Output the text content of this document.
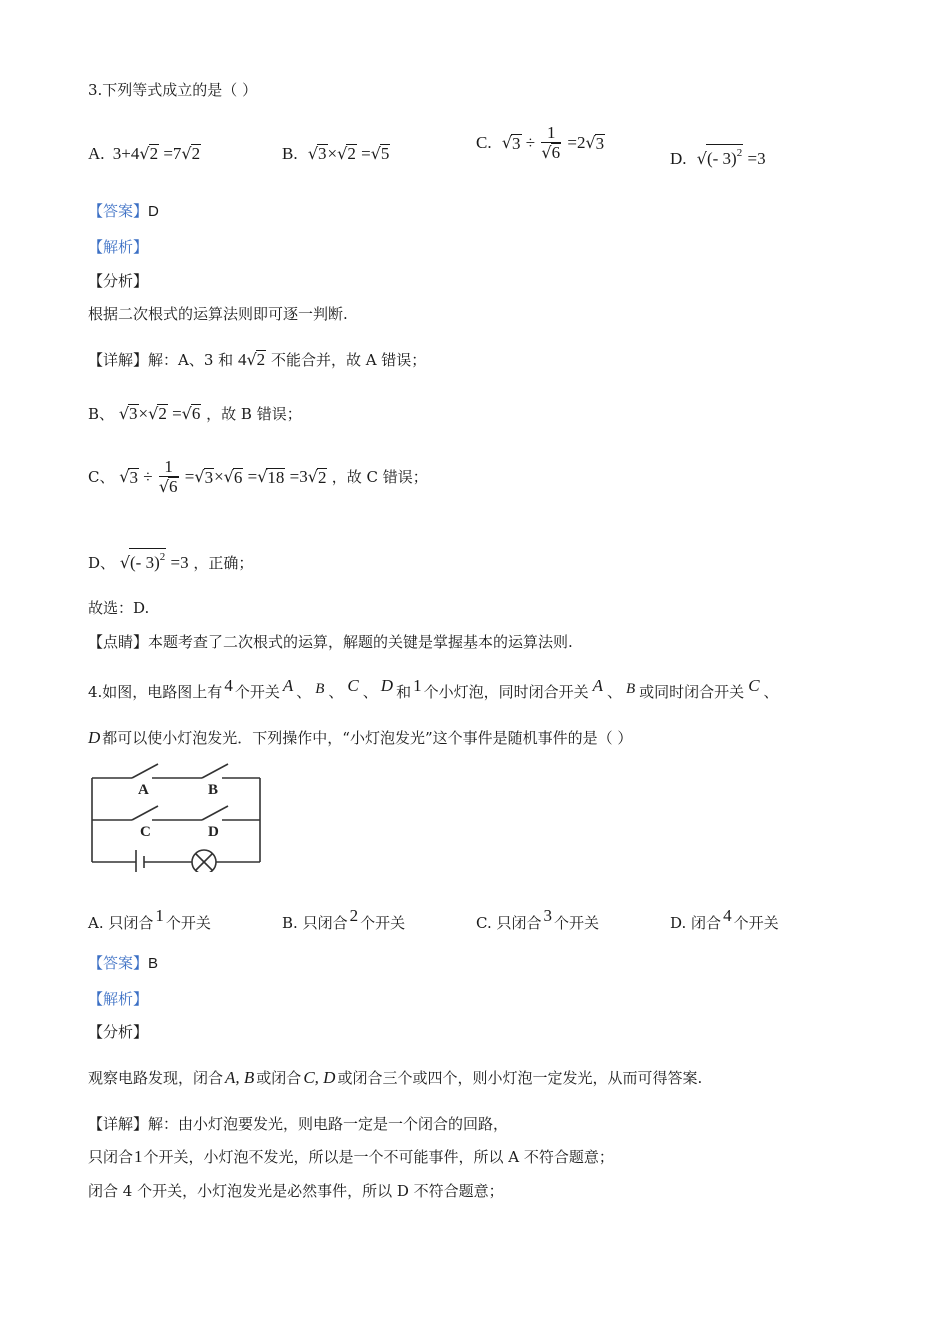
3.下列等式成立的是（ ）
A. 3+4√2 =7√2	B. √3×√2 =√5
C. $√3 \div \frac{1}{√6} =2√3$
D. √(- 3)$^2$ =3
【答案】D
【解析】
【分析】
根据二次根式的运算法则即可逐一判断.
【详解】解：A、3 和 4√2 不能合并，故 A 错误；
B、 √3×√2 =√6 ，故 B 错误；
C、 $√3 \div \frac{1}{√6} =√3\times√6 =√18 =3√2$ ，故 C 错误；
D、 √(- 3)$^2$ =3 ，正确；
故选：D.
【点睛】本题考查了二次根式的运算，解题的关键是掌握基本的运算法则.
4.如图，电路图上有 4 个开关 A 、 B 、 C 、 D 和 1 个小灯泡，同时闭合开关 A 、 B 或同时闭合开关 C 、
D 都可以使小灯泡发光．下列操作中，“小灯泡发光”这个事件是随机事件的是（ ）
A	B
C	D
A. 只闭合 1 个开关	B. 只闭合 2 个开关	C. 只闭合 3 个开关	D. 闭合 4 个开关
【答案】B
【解析】
【分析】
观察电路发现，闭合 A, B 或闭合 C, D 或闭合三个或四个，则小灯泡一定发光，从而可得答案.
【详解】解：由小灯泡要发光，则电路一定是一个闭合的回路，
只闭合1个开关，小灯泡不发光，所以是一个不可能事件，所以 A 不符合题意；
闭合 4 个开关，小灯泡发光是必然事件，所以 D 不符合题意；
